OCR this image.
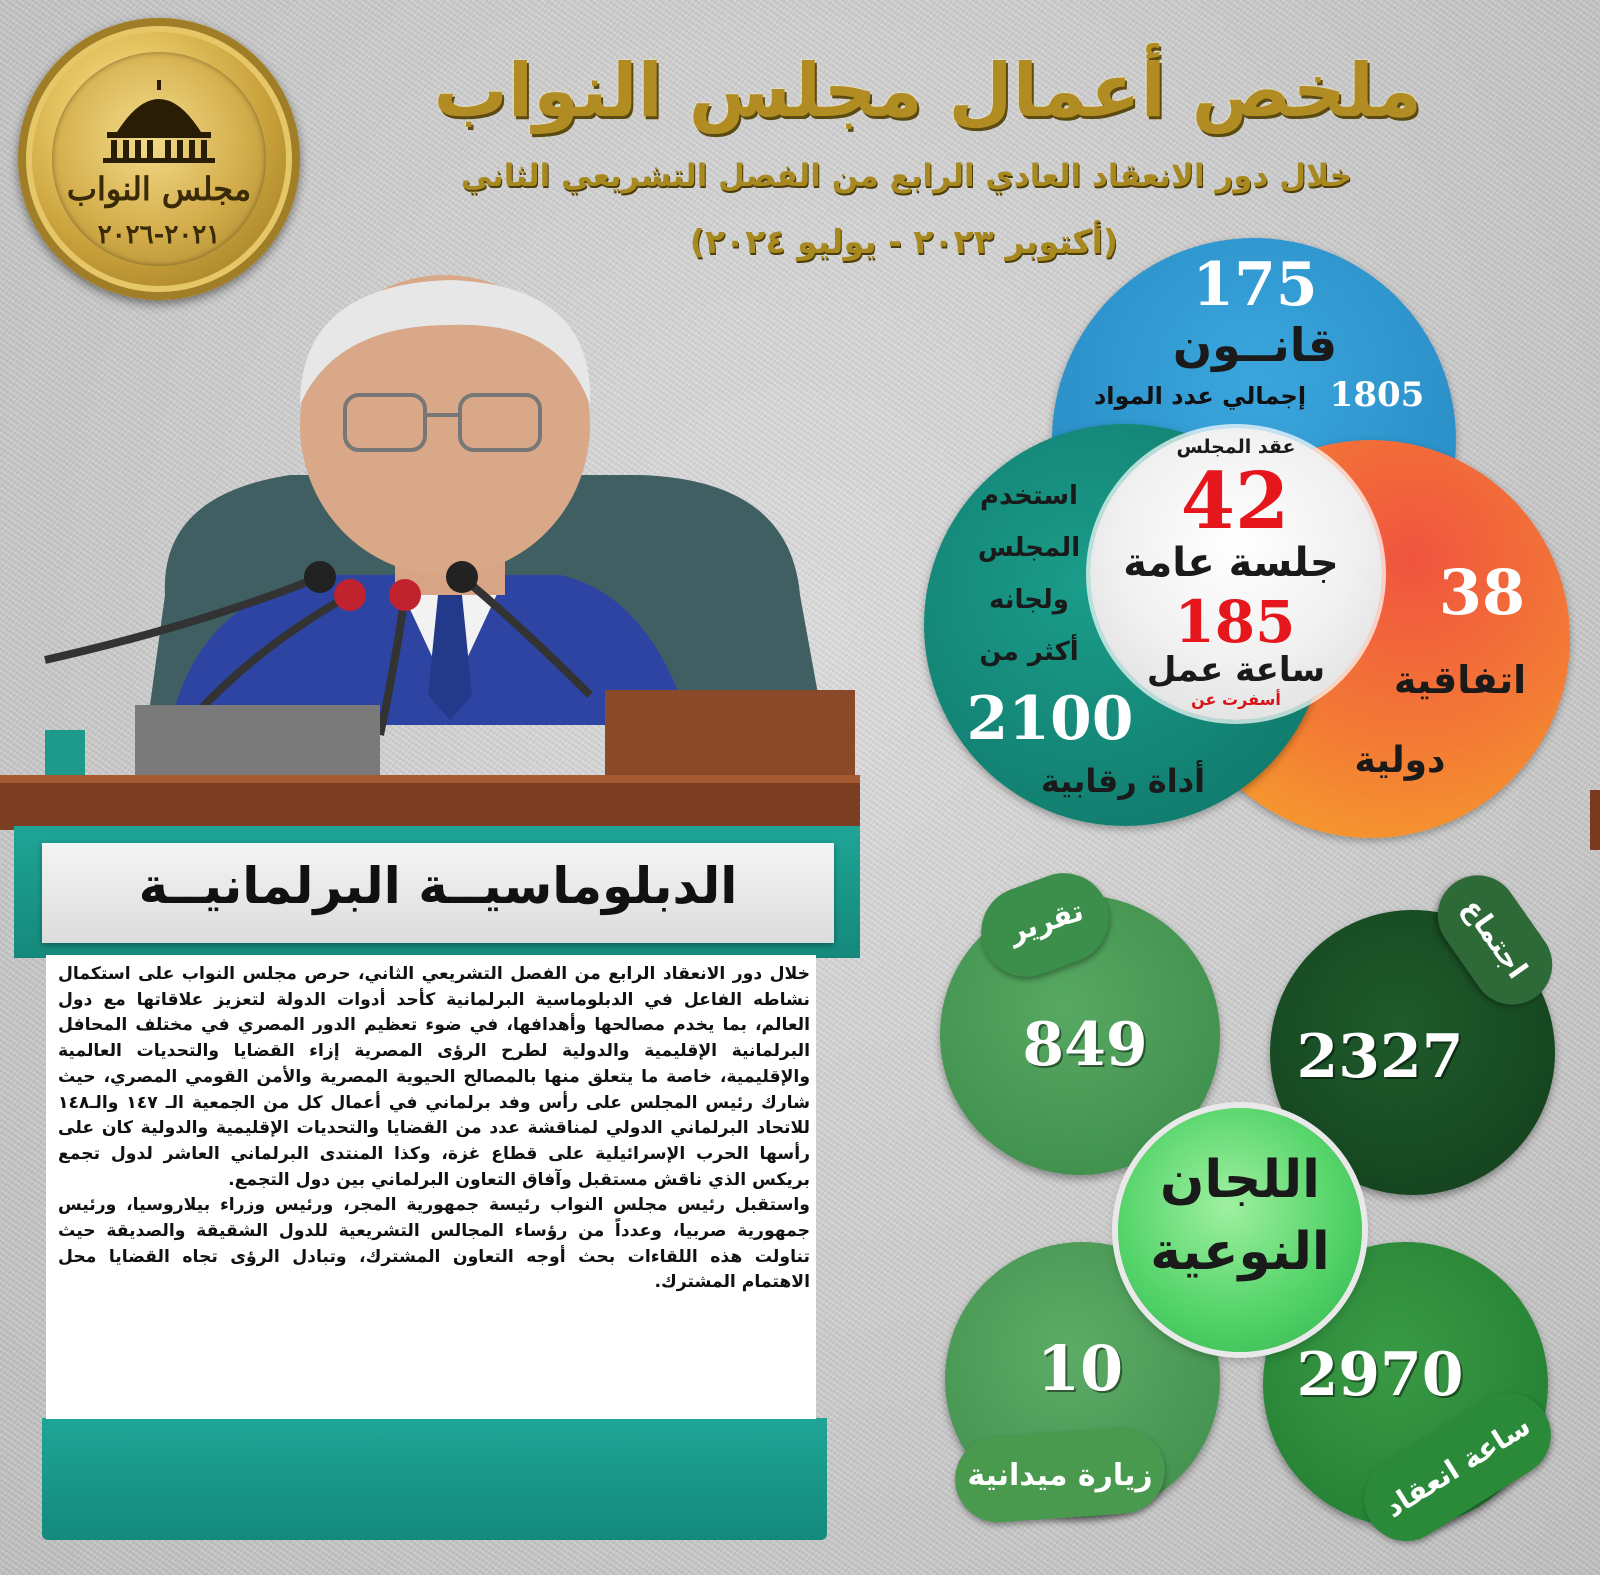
مجلس النواب
٢٠٢١-٢٠٢٦
ملخص أعمال مجلس النواب
خلال دور الانعقاد العادي الرابع من الفصل التشريعي الثاني
(أكتوبر ٢٠٢٣ - يوليو ٢٠٢٤)
الدبلوماسيــة البرلمانيــة

خلال دور الانعقاد الرابع من الفصل التشريعي الثاني، حرص مجلس النواب على استكمال نشاطه الفاعل في الدبلوماسية البرلمانية كأحد أدوات الدولة لتعزيز علاقاتها مع دول العالم، بما يخدم مصالحها وأهدافها، في ضوء تعظيم الدور المصري في مختلف المحافل البرلمانية الإقليمية والدولية لطرح الرؤى المصرية إزاء القضايا والتحديات العالمية والإقليمية، خاصة ما يتعلق منها بالمصالح الحيوية المصرية والأمن القومي المصري، حيث شارك رئيس المجلس على رأس وفد برلماني في أعمال كل من الجمعية الـ ١٤٧ والـ١٤٨ للاتحاد البرلماني الدولي لمناقشة عدد من القضايا والتحديات الإقليمية والدولية كان على رأسها الحرب الإسرائيلية على قطاع غزة، وكذا المنتدى البرلماني العاشر لدول تجمع بريكس الذي ناقش مستقبل وآفاق التعاون البرلماني بين دول التجمع.

واستقبل رئيس مجلس النواب رئيسة جمهورية المجر، ورئيس وزراء بيلاروسيا، ورئيس جمهورية صربيا، وعدداً من رؤساء المجالس التشريعية للدول الشقيقة والصديقة حيث تناولت هذه اللقاءات بحث أوجه التعاون المشترك، وتبادل الرؤى تجاه القضايا محل الاهتمام المشترك.

175
قانــون
1805
إجمالي عدد المواد
38
اتفاقية
دولية
استخدم
المجلس
ولجانه
أكثر من
2100
أداة رقابية
عقد المجلس
42
جلسة عامة
185
ساعة عمل
أسفرت عن
تقرير
849
اجتماع
2327
زيارة ميدانية
10
ساعة انعقاد
2970
اللجان
النوعية
